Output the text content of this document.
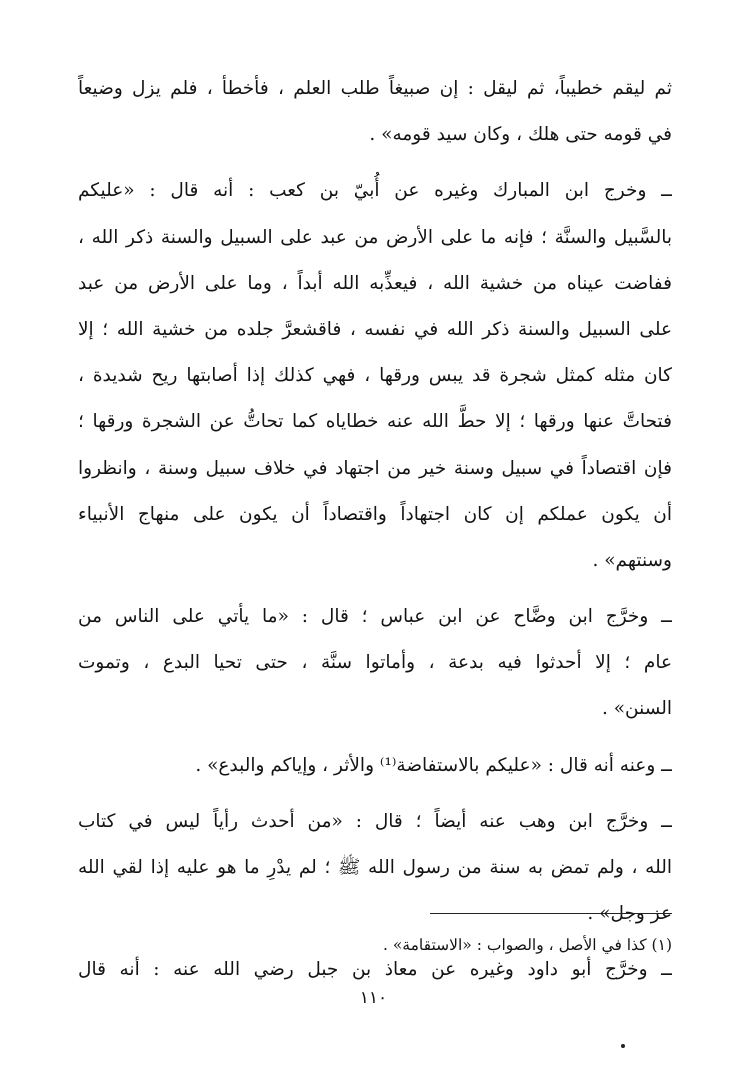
ثم ليقم خطيباً، ثم ليقل : إن صبيغاً طلب العلم ، فأخطأ ، فلم يزل وضيعاً
في قومه حتى هلك ، وكان سيد قومه» .
ــ وخرج ابن المبارك وغيره عن أُبيّ بن كعب : أنه قال : «عليكم
بالسَّبيل والسنَّة ؛ فإنه ما على الأرض من عبد على السبيل والسنة ذكر الله ،
ففاضت عيناه من خشية الله ، فيعذِّبه الله أبداً ، وما على الأرض من عبد
على السبيل والسنة ذكر الله في نفسه ، فاقشعرَّ جلده من خشية الله ؛ إلا
كان مثله كمثل شجرة قد يبس ورقها ، فهي كذلك إذا أصابتها ريح شديدة ،
فتحاتَّ عنها ورقها ؛ إلا حطَّ الله عنه خطاياه كما تحاتُّ عن الشجرة ورقها ؛
فإن اقتصاداً في سبيل وسنة خير من اجتهاد في خلاف سبيل وسنة ، وانظروا
أن يكون عملكم إن كان اجتهاداً واقتصاداً أن يكون على منهاج الأنبياء
وسنتهم» .
ــ وخرَّج ابن وضَّاح عن ابن عباس ؛ قال : «ما يأتي على الناس من
عام ؛ إلا أحدثوا فيه بدعة ، وأماتوا سنَّة ، حتى تحيا البدع ، وتموت
السنن» .
ــ وعنه أنه قال : «عليكم بالاستفاضة⁽¹⁾ والأثر ، وإياكم والبدع» .
ــ وخرَّج ابن وهب عنه أيضاً ؛ قال : «من أحدث رأياً ليس في كتاب
الله ، ولم تمض به سنة من رسول الله ﷺ ؛ لم يدْرِ ما هو عليه إذا لقي الله
عز وجل» .
ــ وخرَّج أبو داود وغيره عن معاذ بن جبل رضي الله عنه : أنه قال
(١) كذا في الأصل ، والصواب : «الاستقامة» .
١١٠
